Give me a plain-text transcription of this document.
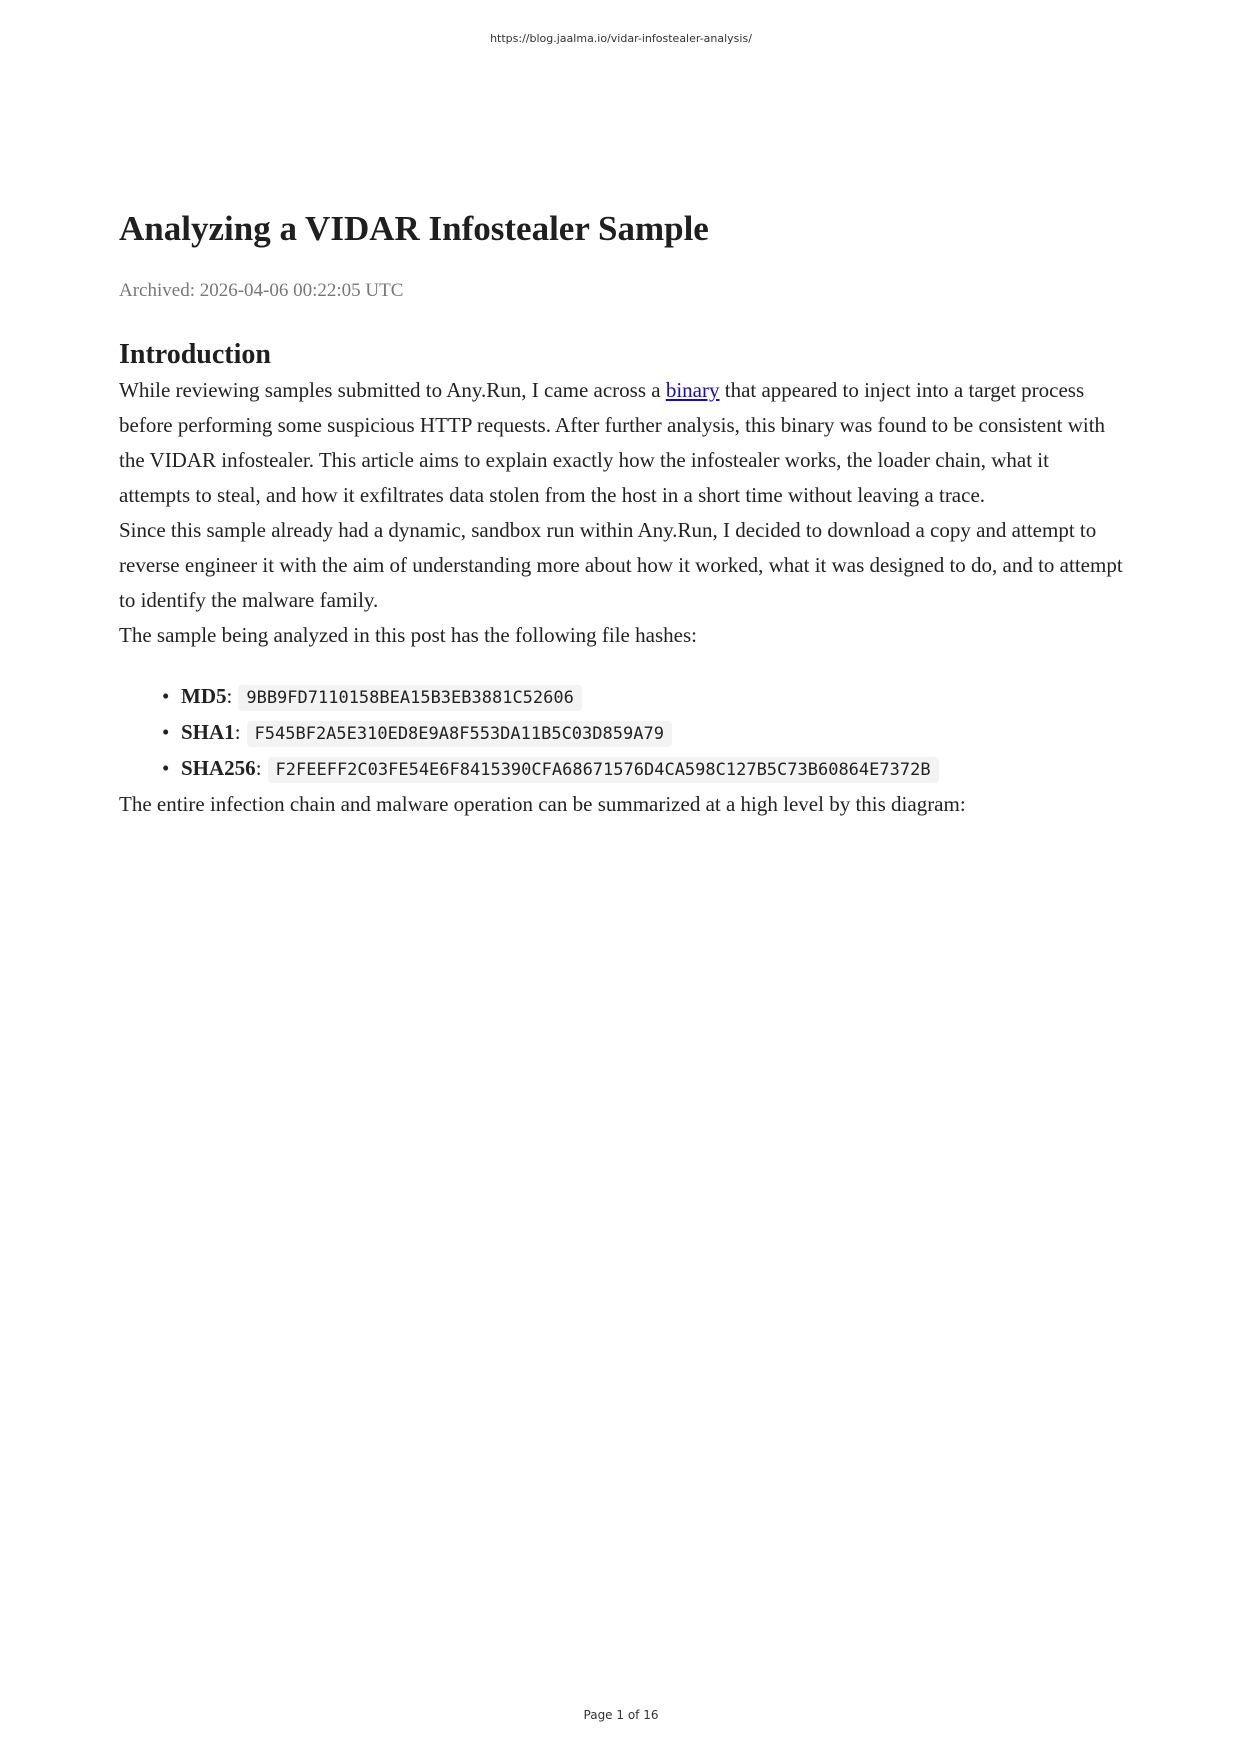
https://blog.jaalma.io/vidar-infostealer-analysis/
Analyzing a VIDAR Infostealer Sample
Archived: 2026-04-06 00:22:05 UTC
Introduction

While reviewing samples submitted to Any.Run, I came across a binary that appeared to inject into a target process before performing some suspicious HTTP requests. After further analysis, this binary was found to be consistent with the VIDAR infostealer. This article aims to explain exactly how the infostealer works, the loader chain, what it attempts to steal, and how it exfiltrates data stolen from the host in a short time without leaving a trace.

Since this sample already had a dynamic, sandbox run within Any.Run, I decided to download a copy and attempt to reverse engineer it with the aim of understanding more about how it worked, what it was designed to do, and to attempt to identify the malware family.

The sample being analyzed in this post has the following file hashes:

• MD5: 9BB9FD7110158BEA15B3EB3881C52606
• SHA1: F545BF2A5E310ED8E9A8F553DA11B5C03D859A79
• SHA256: F2FEEFF2C03FE54E6F8415390CFA68671576D4CA598C127B5C73B60864E7372B

The entire infection chain and malware operation can be summarized at a high level by this diagram:

Page 1 of 16
